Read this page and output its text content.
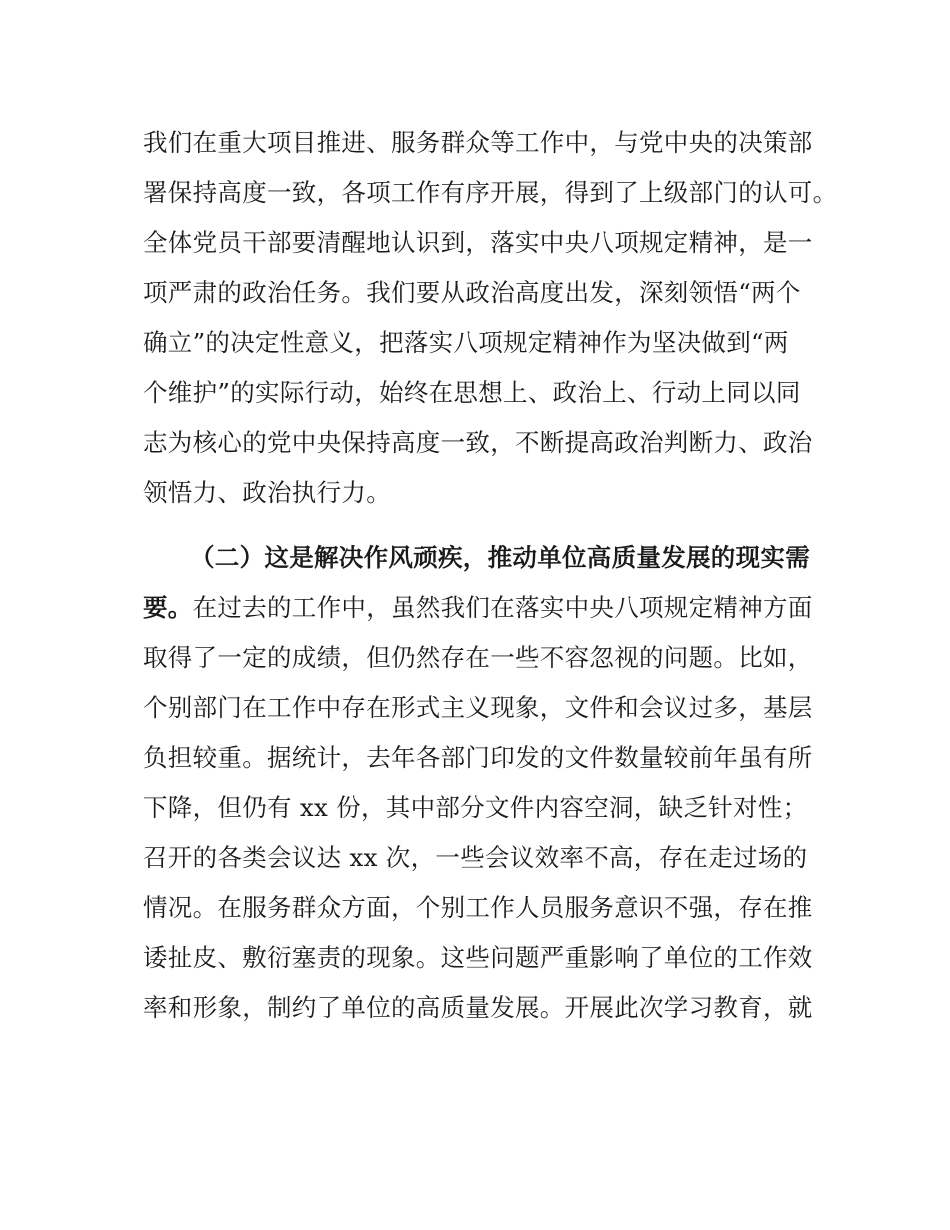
我们在重大项目推进、服务群众等工作中，与党中央的决策部
署保持高度一致，各项工作有序开展，得到了上级部门的认可。
全体党员干部要清醒地认识到，落实中央八项规定精神，是一
项严肃的政治任务。我们要从政治高度出发，深刻领悟“两个
确立”的决定性意义，把落实八项规定精神作为坚决做到“两
个维护”的实际行动，始终在思想上、政治上、行动上同以同
志为核心的党中央保持高度一致，不断提高政治判断力、政治
领悟力、政治执行力。
（二）这是解决作风顽疾，推动单位高质量发展的现实需
要。在过去的工作中，虽然我们在落实中央八项规定精神方面
取得了一定的成绩，但仍然存在一些不容忽视的问题。比如，
个别部门在工作中存在形式主义现象，文件和会议过多，基层
负担较重。据统计，去年各部门印发的文件数量较前年虽有所
下降，但仍有 xx 份，其中部分文件内容空洞，缺乏针对性；
召开的各类会议达 xx 次，一些会议效率不高，存在走过场的
情况。在服务群众方面，个别工作人员服务意识不强，存在推
诿扯皮、敷衍塞责的现象。这些问题严重影响了单位的工作效
率和形象，制约了单位的高质量发展。开展此次学习教育，就
